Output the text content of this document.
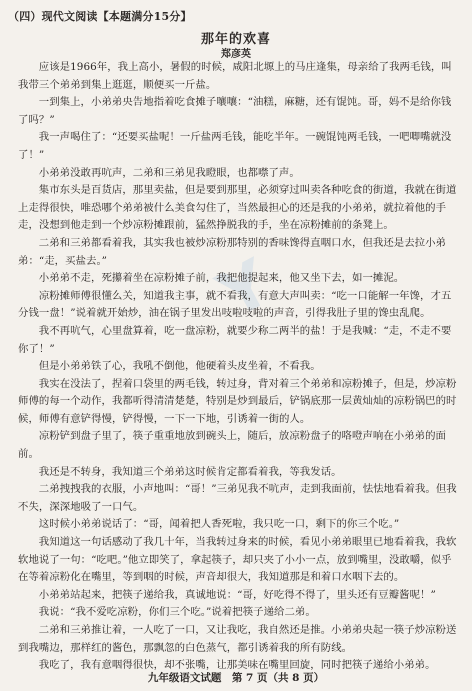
Y
（四）现代文阅读【本题满分15分】
那年的欢喜
郑彦英

应该是1966年，我上高小，暑假的时候，咸阳北塬上的马庄逢集，母亲给了我两毛钱，叫我带三个弟弟到集上逛逛，顺便买一斤盐。

一到集上，小弟弟央告地指着吃食摊子嚷嚷：“油糕，麻糖，还有馄饨。哥，妈不是给你钱了吗？”

我一声喝住了：“还要买盐呢！一斤盐两毛钱，能吃半年。一碗馄饨两毛钱，一吧唧嘴就没了！”

小弟弟没敢再吭声，二弟和三弟见我瞪眼，也都噤了声。

集市东头是百货店，那里卖盐，但是要到那里，必须穿过叫卖各种吃食的街道，我就在街道上走得很快，唯恐哪个弟弟被什么美食勾住了，当然最担心的还是我的小弟弟，就拉着他的手走，没想到他走到一个炒凉粉摊跟前，猛然挣脱我的手，坐在凉粉摊前的条凳上。

二弟和三弟都看着我，其实我也被炒凉粉那特别的香味馋得直咽口水，但我还是去拉小弟弟：“走，买盐去。”

小弟弟不走，死攥着坐在凉粉摊子前，我把他提起来，他又坐下去，如一摊泥。

凉粉摊师傅很懂么关，知道我主事，就不看我，有意大声叫卖：“吃一口能解一年馋，才五分钱一盘！”说着就开始炒，油在锅子里发出吱啦吱啦的声音，引得我肚子里的馋虫乱爬。

我不再吭气，心里盘算着，吃一盘凉粉，就要少称二两半的盐！于是我喊：“走，不走不要你了！”

但是小弟弟铁了心，我吼不倒他，他硬着头皮坐着，不看我。

我实在没法了，捏着口袋里的两毛钱，转过身，背对着三个弟弟和凉粉摊子，但是，炒凉粉师傅的每一个动作，我都听得清清楚楚，特别是炒到最后，铲锅底那一层黄灿灿的凉粉锅巴的时候，师傅有意铲得慢，铲得慢，一下一下地，引诱着一街的人。

凉粉铲到盘子里了，筷子重重地放到碗头上，随后，放凉粉盘子的咯噔声响在小弟弟的面前。

我还是不转身，我知道三个弟弟这时候肯定都看着我，等我发话。

二弟拽拽我的衣服，小声地叫：“哥！”三弟见我不吭声，走到我面前，怯怯地看着我。但我不失，深深地吸了一口气。

这时候小弟弟说话了：“哥，闻着把人香死啦，我只吃一口，剩下的你三个吃。”

我知道这一句话感动了我几十年，当我转过身来的时候，看见小弟弟眼里已地看着我，我软软地说了一句：“吃吧。”他立即笑了，拿起筷子，却只夹了小小一点，放到嘴里，没敢嚼，似乎在等着凉粉化在嘴里，等到咽的时候，声音却很大，我知道那是和着口水咽下去的。

小弟弟站起来，把筷子递给我，真诚地说：“哥，好吃得不得了，里头还有豆瓣酱呢！”

我说：“我不爱吃凉粉，你们三个吃。”说着把筷子递给二弟。

二弟和三弟推让着，一人吃了一口，又让我吃，我自然还是推。小弟弟央起一筷子炒凉粉送到我嘴边，那样红的酱色，那飘忽的白色蒸气，都引诱着我的所有防线。

我吃了，我有意咽得很快，却不张嘴，让那美味在嘴里回旋，同时把筷子递给小弟弟。

九年级语文试题　第 7 页（共 8 页）
